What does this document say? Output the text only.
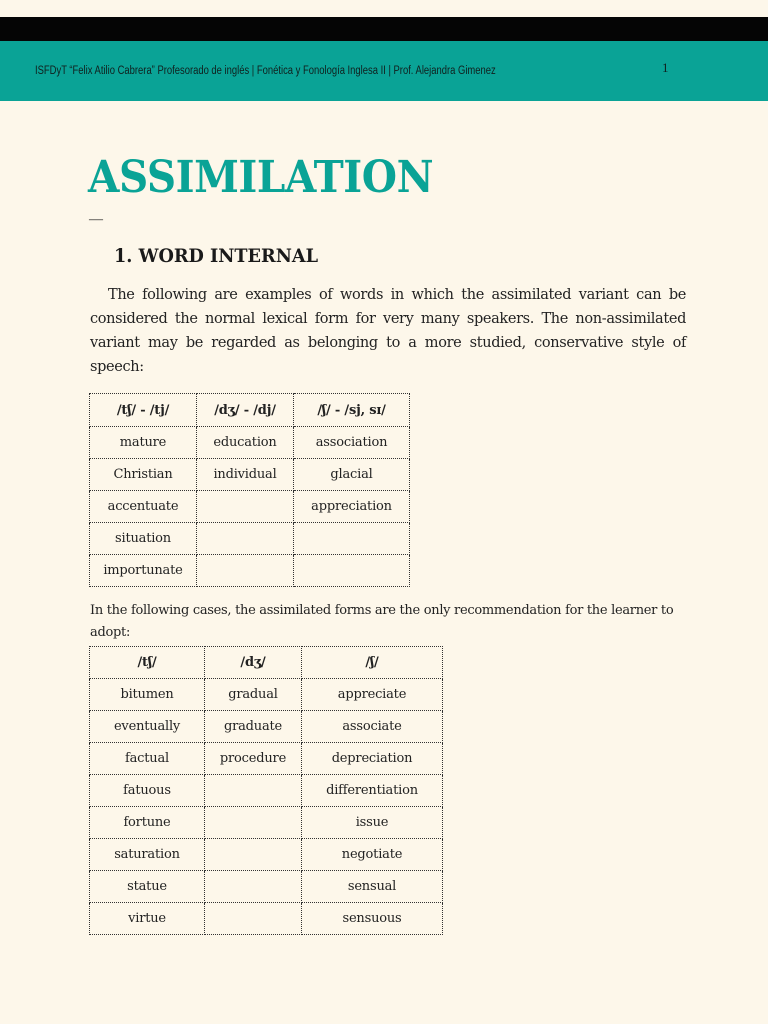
ISFDyT “Felix Atilio Cabrera” Profesorado de inglés | Fonética y Fonología Inglesa II | Prof. Alejandra Gimenez	1
ASSIMILATION
—
1. WORD INTERNAL

The following are examples of words in which the assimilated variant can be considered the normal lexical form for very many speakers. The non-assimilated variant may be regarded as belonging to a more studied, conservative style of speech:

/tʃ/ - /tj/	/dʒ/ - /dj/	/ʃ/ - /sj, sɪ/
mature	education	association
Christian	individual	glacial
accentuate		appreciation
situation		
importunate		

In the following cases, the assimilated forms are the only recommendation for the learner to adopt:

/tʃ/	/dʒ/	/ʃ/
bitumen	gradual	appreciate
eventually	graduate	associate
factual	procedure	depreciation
fatuous		differentiation
fortune		issue
saturation		negotiate
statue		sensual
virtue		sensuous
